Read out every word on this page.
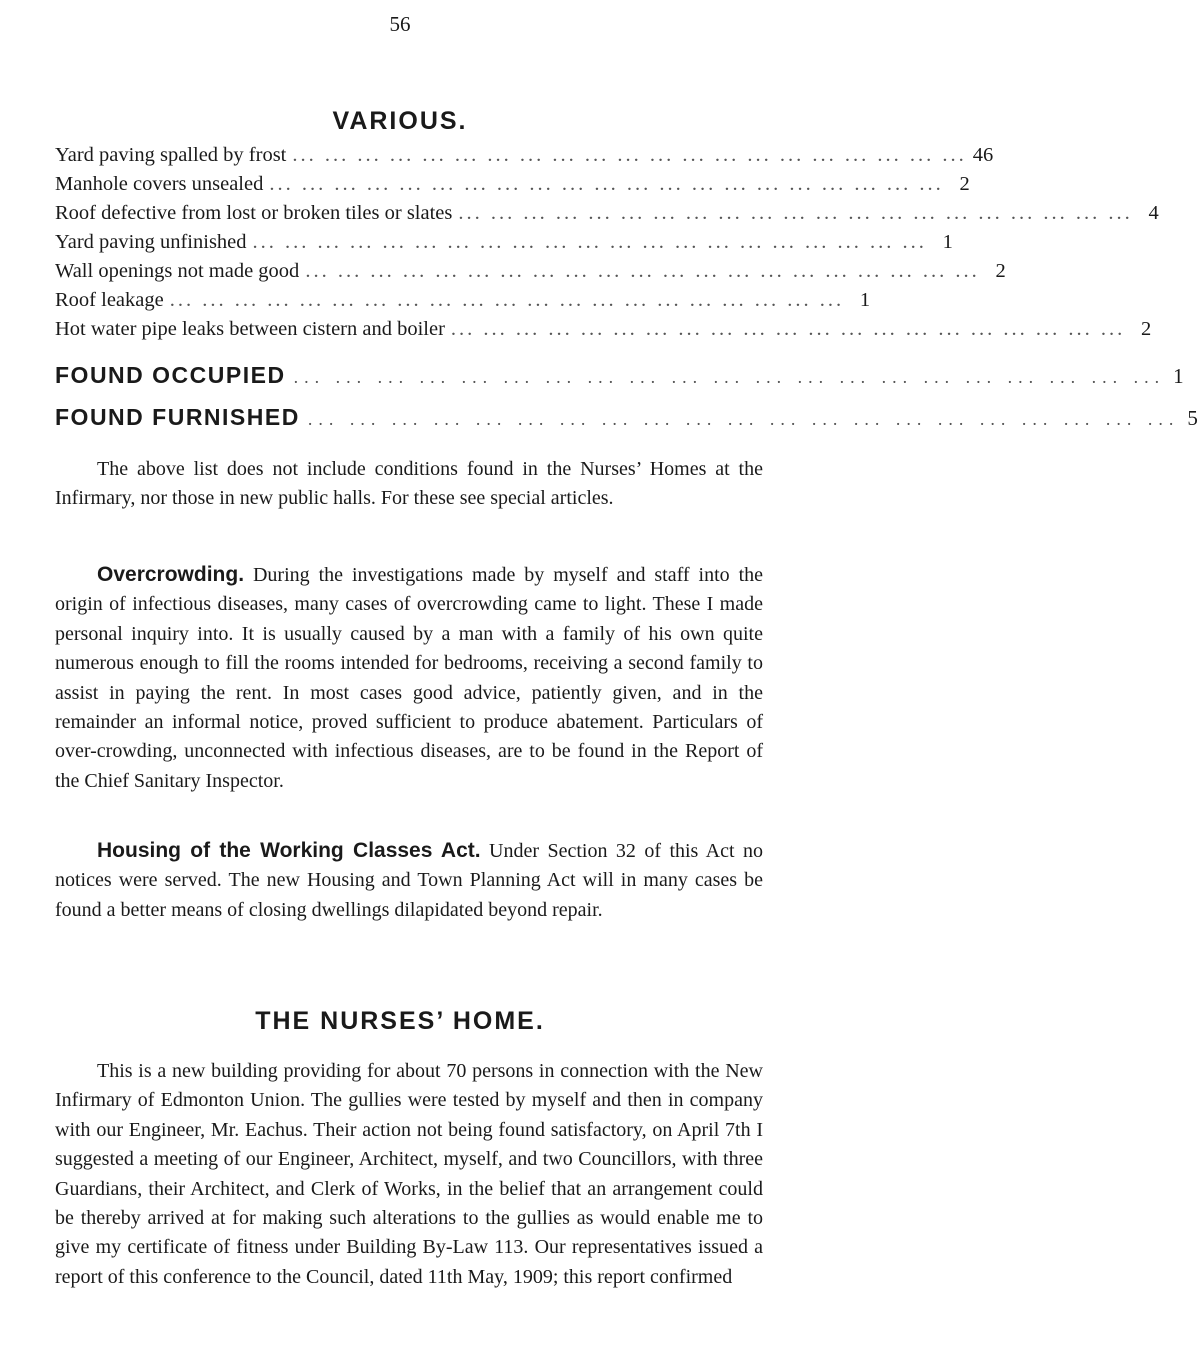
56
VARIOUS.
Yard paving spalled by frost ... ... ... ... ... ... ... ... ... ... ... ... ... ... ... ... ... ... ... ... ... 46
Manhole covers unsealed ... ... ... ... ... ... ... ... ... ... ... ... ... ... ... ... ... ... ... ... ... 2
Roof defective from lost or broken tiles or slates ... ... ... ... ... ... ... ... ... ... ... ... ... ... ... ... ... ... ... ... ... 4
Yard paving unfinished ... ... ... ... ... ... ... ... ... ... ... ... ... ... ... ... ... ... ... ... ... 1
Wall openings not made good ... ... ... ... ... ... ... ... ... ... ... ... ... ... ... ... ... ... ... ... ... 2
Roof leakage ... ... ... ... ... ... ... ... ... ... ... ... ... ... ... ... ... ... ... ... ... 1
Hot water pipe leaks between cistern and boiler ... ... ... ... ... ... ... ... ... ... ... ... ... ... ... ... ... ... ... ... ... 2
FOUND OCCUPIED ... ... ... ... ... ... ... ... ... ... ... ... ... ... ... ... ... ... ... ... ... 1
FOUND FURNISHED ... ... ... ... ... ... ... ... ... ... ... ... ... ... ... ... ... ... ... ... ... 5
The above list does not include conditions found in the Nurses’ Homes at the Infirmary, nor those in new public halls. For these see special articles.
Overcrowding. During the investigations made by myself and staff into the origin of infectious diseases, many cases of overcrowding came to light. These I made personal inquiry into. It is usually caused by a man with a family of his own quite numerous enough to fill the rooms intended for bedrooms, receiving a second family to assist in paying the rent. In most cases good advice, patiently given, and in the remainder an informal notice, proved sufficient to produce abatement. Particulars of over-crowding, unconnected with infectious diseases, are to be found in the Report of the Chief Sanitary Inspector.
Housing of the Working Classes Act. Under Section 32 of this Act no notices were served. The new Housing and Town Planning Act will in many cases be found a better means of closing dwellings dilapidated beyond repair.
THE NURSES’ HOME.
This is a new building providing for about 70 persons in connection with the New Infirmary of Edmonton Union. The gullies were tested by myself and then in company with our Engineer, Mr. Eachus. Their action not being found satisfactory, on April 7th I suggested a meeting of our Engineer, Architect, myself, and two Councillors, with three Guardians, their Architect, and Clerk of Works, in the belief that an arrangement could be thereby arrived at for making such alterations to the gullies as would enable me to give my certificate of fitness under Building By-Law 113. Our representatives issued a report of this conference to the Council, dated 11th May, 1909; this report confirmed
